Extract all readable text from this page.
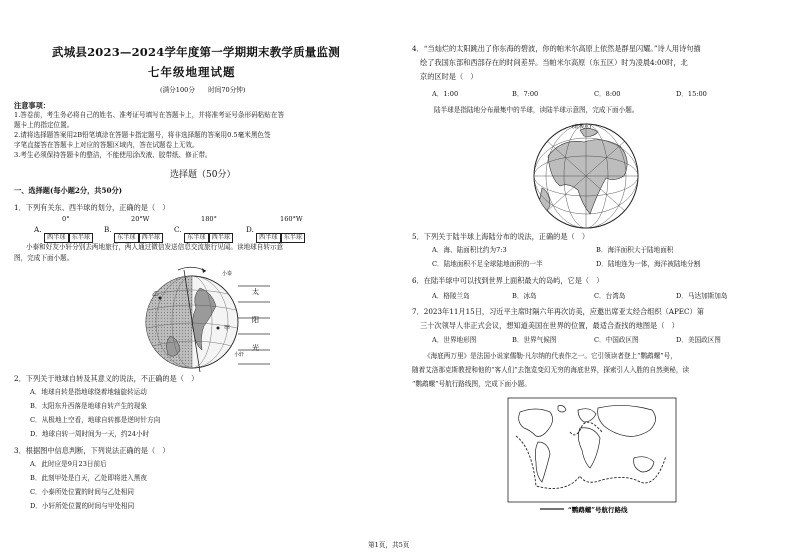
武城县2023—2024学年度第一学期期末教学质量监测
七年级地理试题
(满分100分　　时间70分钟)
注意事项：
1.答卷前，考生务必将自己的姓名、准考证号填写在答题卡上，并将准考证号条形码粘贴在答
题卡上的指定位置。
2.请将选择题答案用2B铅笔填涂在答题卡指定题号，将非选择题的答案用0.5毫米黑色签
字笔直接答在答题卡上对应的答题区域内，答在试题卷上无效。
3.考生必须保持答题卡的整洁，不能使用涂改液、胶带纸、修正带。
选择题（50分）
一、选择题(每小题2分，共50分)
1．下列有关东、西半球的划分，正确的是（　）
A.
0°
西半球 东半球
B.
20°W
东半球 西半球
C.
180°
东半球 西半球
D.
160°W
西半球 东半球
小泰和好友小轩分别去两地旅行，两人通过微信发送信息交流旅行见闻。读地球自转示意
图，完成下面小题。
甲
乙
小泰
小轩
太
阳
光
2．下列关于地球自转及其意义的说法，不正确的是（　）
A．地球自转是指地球绕着地轴旋转运动
B．太阳东升西落是地球自转产生的现象
C．从极地上空看，地球自转都是逆时针方向
D．地球自转一周时间为一天，约24小时
3．根据图中信息判断，下列说法正确的是（　）
A．此时应是9月23日前后
B．此刻甲处是白天，乙处即将进入黑夜
C．小泰所处位置的时间与乙处相同
D．小轩所处位置的时间与甲处相同
4．“当灿烂的太阳跳出了你东海的碧波，你的帕米尔高原上依然是群星闪耀。”诗人用诗句描
绘了我国东部和西部存在的时间差异。当帕米尔高原（东五区）时为凌晨4:00时，北
京的区时是（　）
A．1:00	B．7:00	C．8:00	D．15:00
陆半球是指陆地分布最集中的半球，读陆半球示意图，完成下面小题。
(北极点)
5．下列关于陆半球上海陆分布的说法，正确的是（　）
A．海、陆面积比约为7:3	B．海洋面积大于陆地面积
C．陆地面积不足全球陆地面积的一半	D．陆地连为一体，海洋被陆地分割
6．在陆半球中可以找到世界上面积最大的岛屿，它是（　）
A．格陵兰岛	B．冰岛	C．台湾岛	D．马达加斯加岛
7．2023年11月15日，习近平主席时隔六年再次访美，应邀出席亚太经合组织（APEC）第
三十次领导人非正式会议，想知道美国在世界的位置，最适合查找的地图是（　）
A．世界地形图	B．世界气候图	C．中国政区图	D．美国政区图
《海底两万里》是法国小说家儒勒·凡尔纳的代表作之一。它引领读者登上“鹦鹉螺”号，
随着艾洛那克斯教授和他的“客人们”去饱览变幻无穷的海底世界，探索引人入胜的自然奥秘，读
“鹦鹉螺”号航行路线图，完成下面小题。
“鹦鹉螺”号航行路线
第1页，共5页
